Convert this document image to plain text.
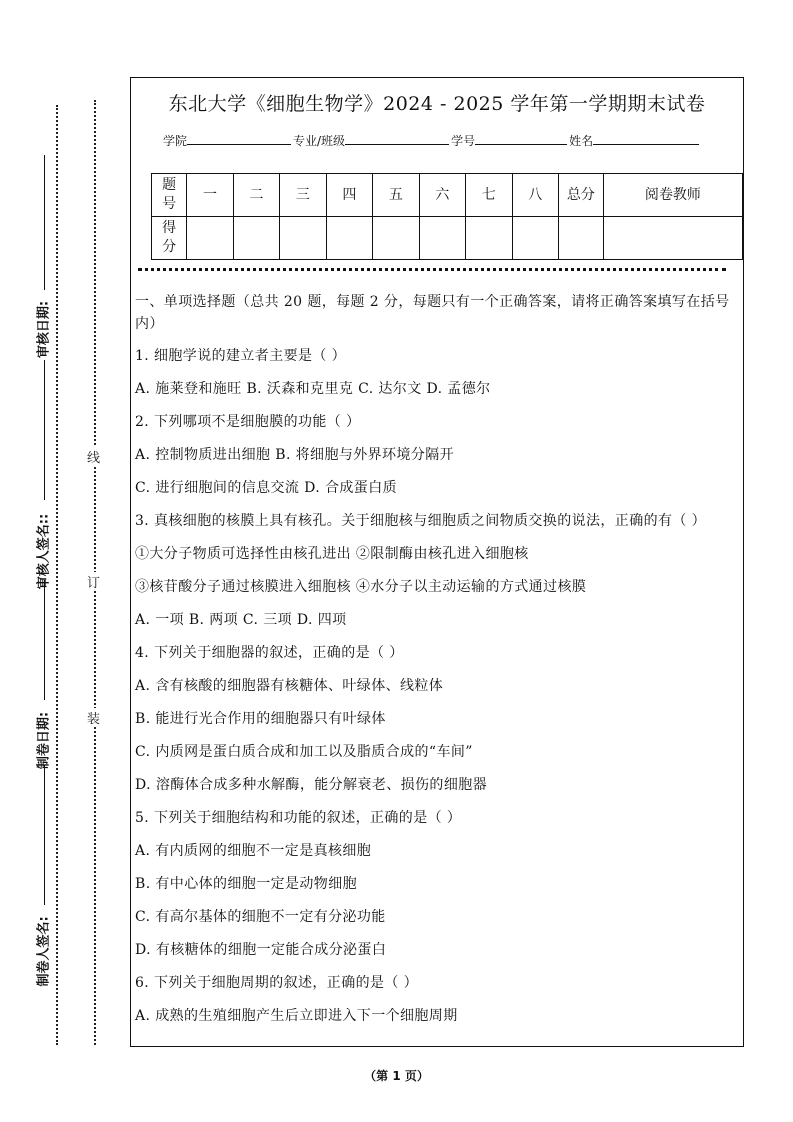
审核日期:
审核人签名::
制卷日期:
制卷人签名:
线
订
装
东北大学《细胞生物学》2024 - 2025 学年第一学期期末试卷
学院	专业/班级	学号	姓名
题号	一	二	三	四	五	六	七	八	总分	阅卷教师
得分										
一、单项选择题（总共 20 题，每题 2 分，每题只有一个正确答案，请将正确答案填写在括号内）
1. 细胞学说的建立者主要是（ ）
A. 施莱登和施旺 B. 沃森和克里克 C. 达尔文 D. 孟德尔
2. 下列哪项不是细胞膜的功能（ ）
A. 控制物质进出细胞 B. 将细胞与外界环境分隔开
C. 进行细胞间的信息交流 D. 合成蛋白质
3. 真核细胞的核膜上具有核孔。关于细胞核与细胞质之间物质交换的说法，正确的有（ ）
①大分子物质可选择性由核孔进出 ②限制酶由核孔进入细胞核
③核苷酸分子通过核膜进入细胞核 ④水分子以主动运输的方式通过核膜
A. 一项 B. 两项 C. 三项 D. 四项
4. 下列关于细胞器的叙述，正确的是（ ）
A. 含有核酸的细胞器有核糖体、叶绿体、线粒体
B. 能进行光合作用的细胞器只有叶绿体
C. 内质网是蛋白质合成和加工以及脂质合成的“车间”
D. 溶酶体合成多种水解酶，能分解衰老、损伤的细胞器
5. 下列关于细胞结构和功能的叙述，正确的是（ ）
A. 有内质网的细胞不一定是真核细胞
B. 有中心体的细胞一定是动物细胞
C. 有高尔基体的细胞不一定有分泌功能
D. 有核糖体的细胞一定能合成分泌蛋白
6. 下列关于细胞周期的叙述，正确的是（ ）
A. 成熟的生殖细胞产生后立即进入下一个细胞周期
（第 1 页）
